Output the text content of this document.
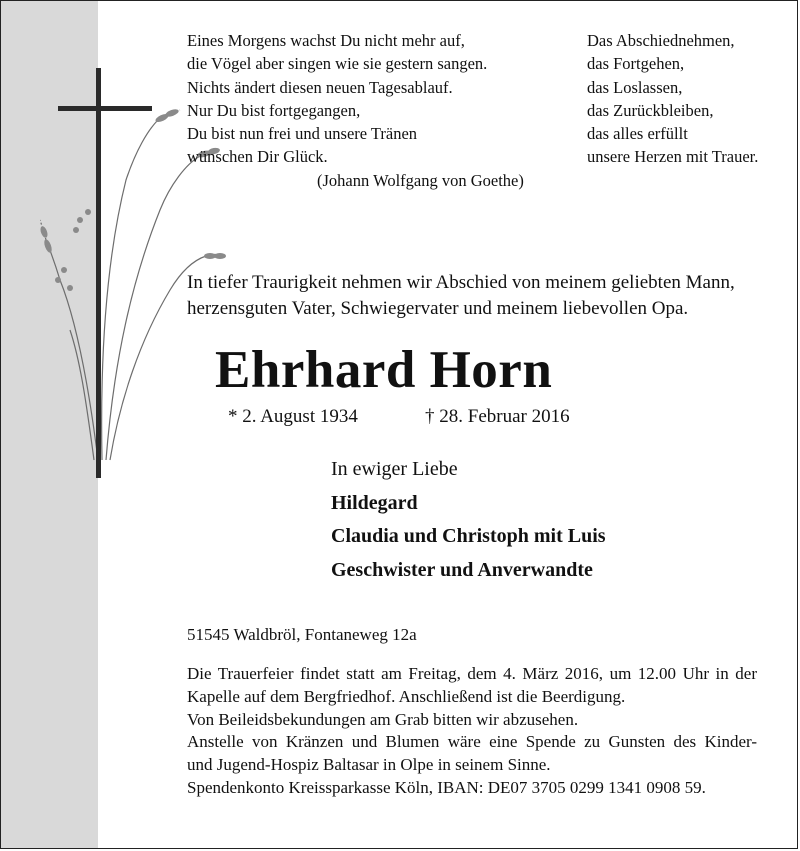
Eines Morgens wachst Du nicht mehr auf,
die Vögel aber singen wie sie gestern sangen.
Nichts ändert diesen neuen Tagesablauf.
Nur Du bist fortgegangen,
Du bist nun frei und unsere Tränen
wünschen Dir Glück.
(Johann Wolfgang von Goethe)
Das Abschiednehmen,
das Fortgehen,
das Loslassen,
das Zurückbleiben,
das alles erfüllt
unsere Herzen mit Trauer.
In tiefer Traurigkeit nehmen wir Abschied von meinem geliebten Mann,
herzensguten Vater, Schwiegervater und meinem liebevollen Opa.
Ehrhard Horn
* 2. August 1934	† 28. Februar 2016
In ewiger Liebe
Hildegard
Claudia und Christoph mit Luis
Geschwister und Anverwandte
51545 Waldbröl, Fontaneweg 12a
Die Trauerfeier findet statt am Freitag, dem 4. März 2016, um 12.00 Uhr in der
Kapelle auf dem Bergfriedhof. Anschließend ist die Beerdigung.
Von Beileidsbekundungen am Grab bitten wir abzusehen.
Anstelle von Kränzen und Blumen wäre eine Spende zu Gunsten des Kinder-
und Jugend-Hospiz Baltasar in Olpe in seinem Sinne.
Spendenkonto Kreissparkasse Köln, IBAN: DE07 3705 0299 1341 0908 59.
